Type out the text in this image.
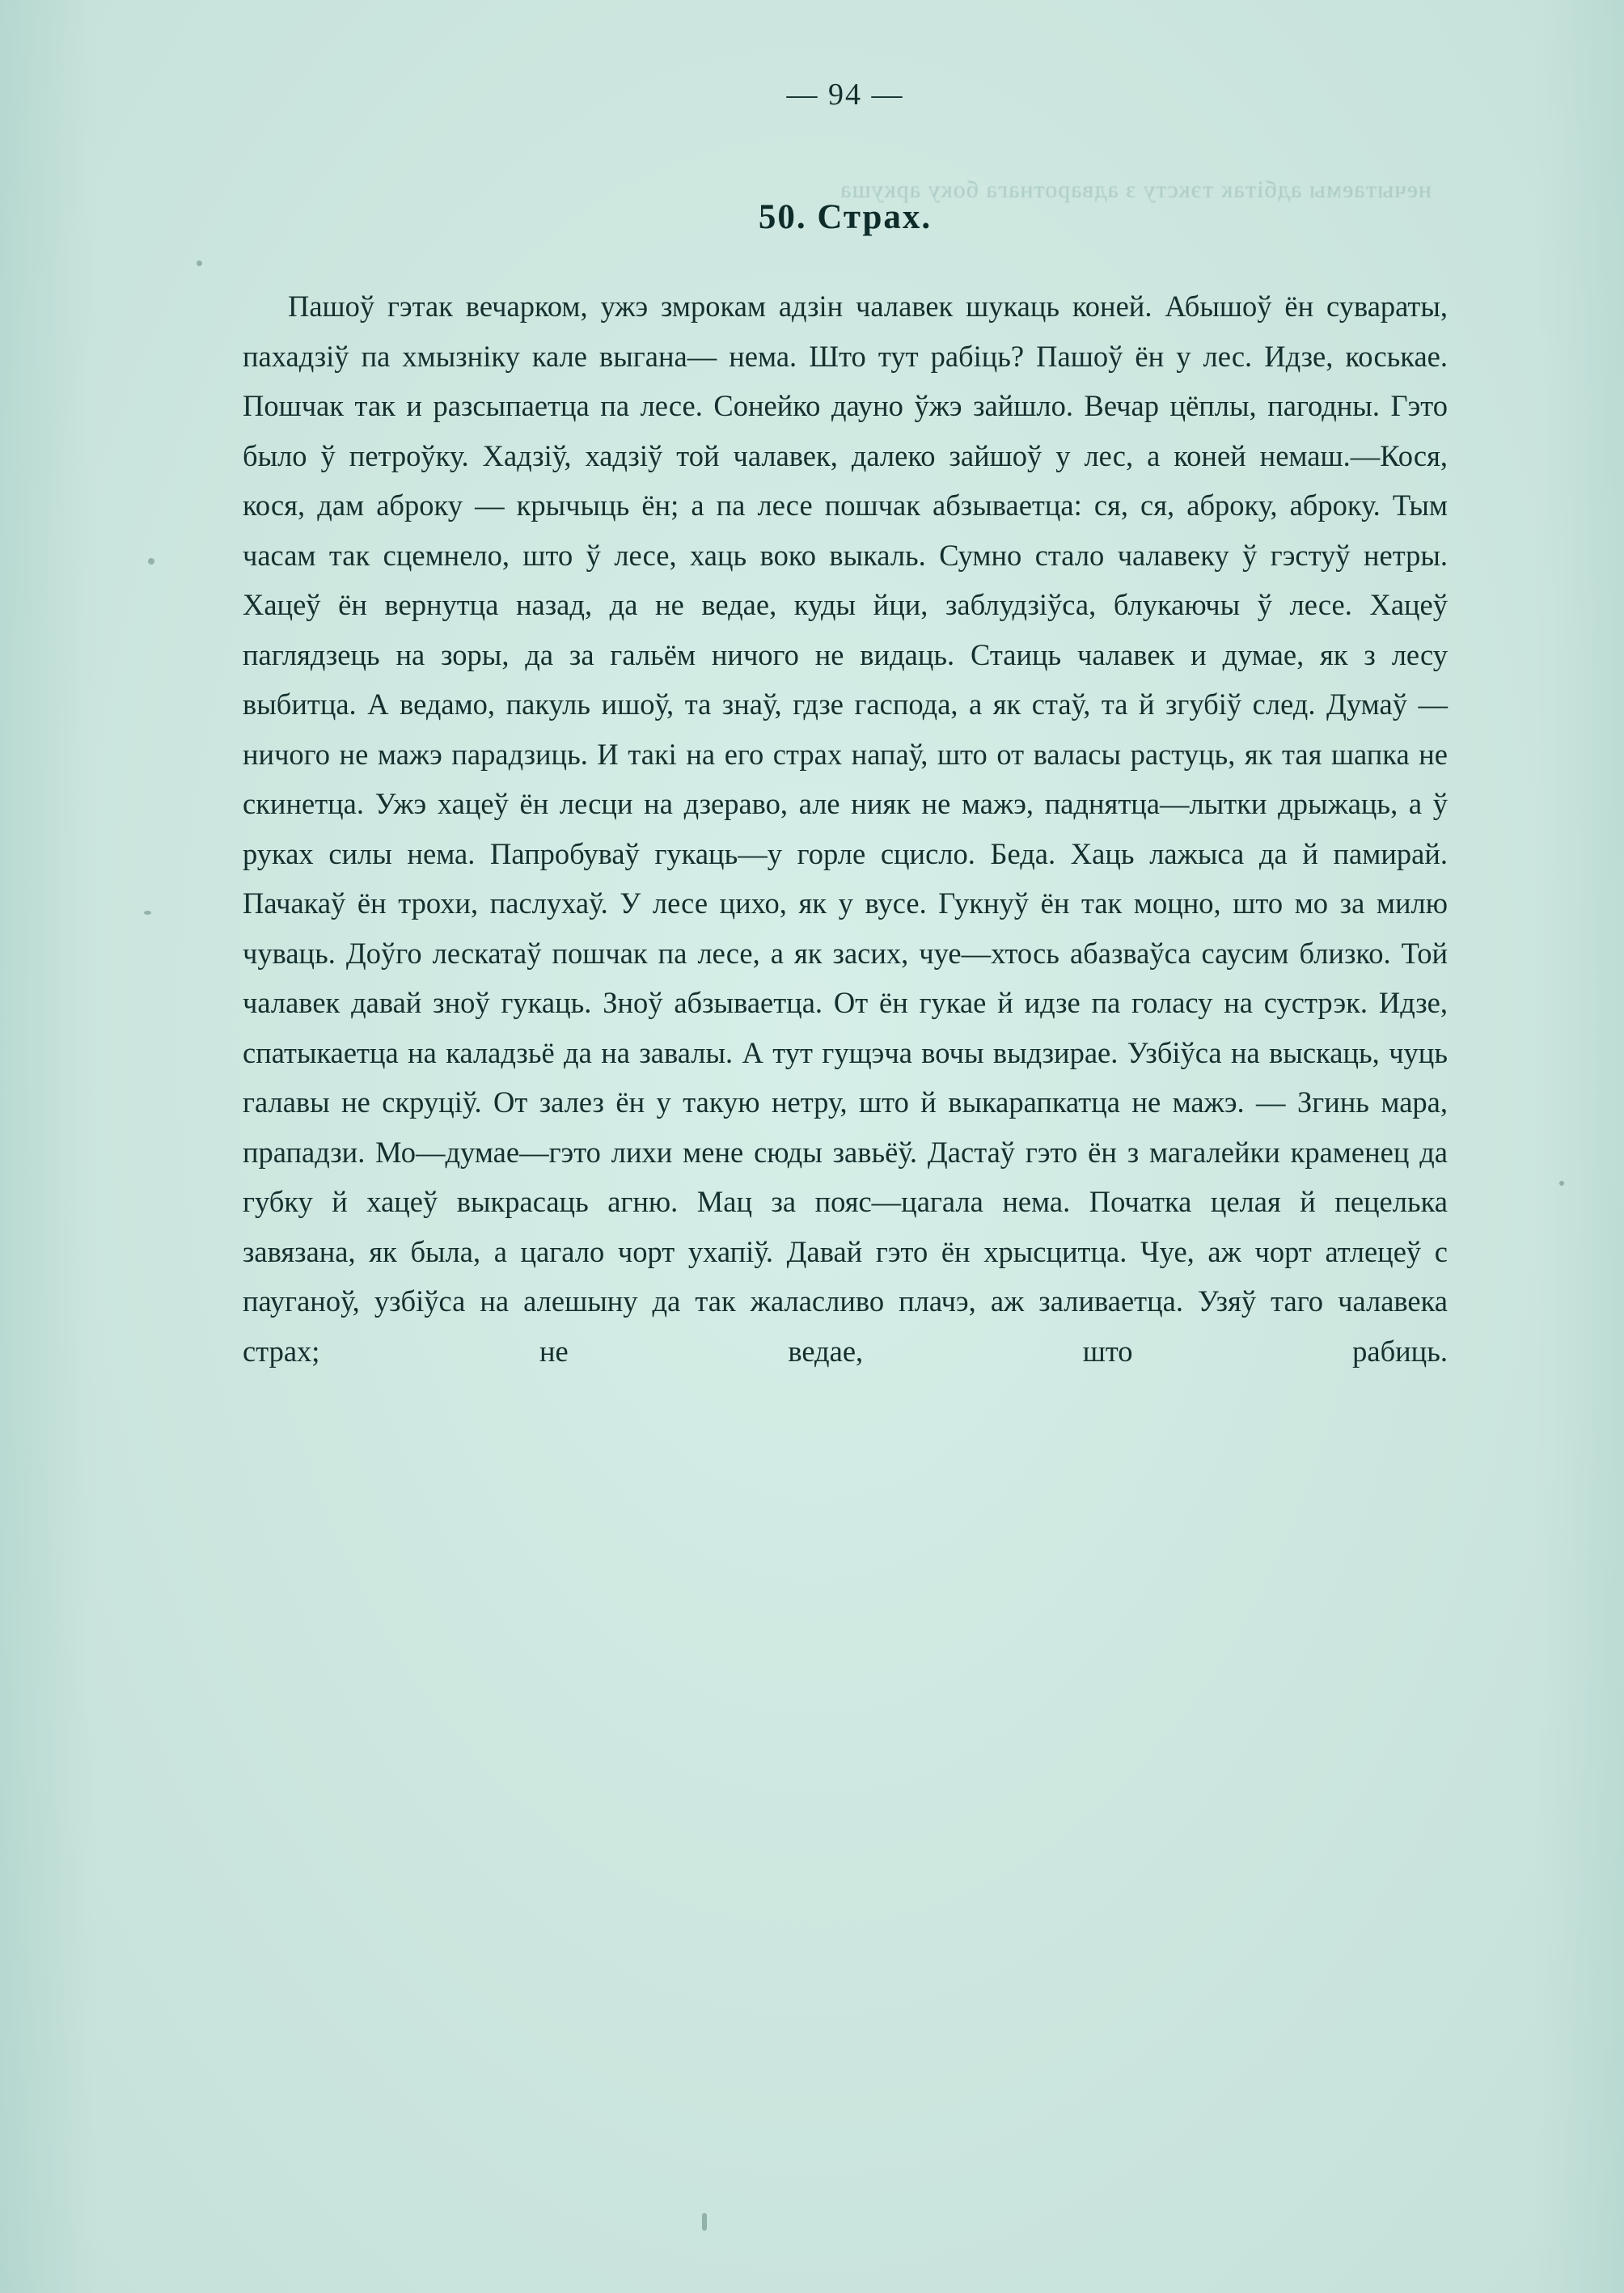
нечытаемы адбітак тэксту з адваротнага боку аркуша
— 94 —
50. Страх.

Пашоў гэтак вечарком, ужэ змрокам адзін чалавек шукаць коней. Абышоў ён суваpаты, пахадзіў па хмызніку кале выгана— нема. Што тут рабіць? Пашоў ён у лес. Идзе, коськае. Пошчак так и разсыпаетца па лесе. Сонейко дауно ўжэ зайшло. Вечар цёплы, пагодны. Гэто было ў петроўку. Хадзіў, хадзіў той чалавек, далеко зайшоў у лес, а коней немаш.—Кося, кося, дам аброку — крычыць ён; а па лесе пошчак абзываетца: ся, ся, аброку, аброку. Тым часам так сцемнело, што ў лесе, хаць воко выкаль. Сумно стало чалавеку ў гэстуў нетры. Хацеў ён вернутца назад, да не ведае, куды йци, заблудзіўса, блукаючы ў лесе. Хацеў паглядзець на зоры, да за гальём ничого не видаць. Стаиць чалавек и думае, як з лесу выбитца. А ведамо, пакуль ишоў, та знаў, гдзе гаспода, а як стаў, та й згубіў след. Думаў — ничого не мажэ парадзиць. И такі на его страх напаў, што от валасы растуць, як тая шапка не скинетца. Ужэ хацеў ён лесци на дзераво, але нияк не мажэ, паднятца—лытки дрыжаць, а ў руках силы нема. Папробуваў гукаць—у горле сцисло. Беда. Хаць лажыса да й памирай. Пачакаў ён трохи, паслухаў. У лесе цихо, як у вусе. Гукнуў ён так моцно, што мо за милю чуваць. Доўго лескатаў пошчак па лесе, а як заcих, чуе—хтось абазваўса саусим близко. Той чалавек давай зноў гукаць. Зноў абзываетца. От ён гукае й идзе па голасу на сустрэк. Идзе, спатыкаетца на каладзьё да на завалы. А тут гущэча вочы выдзирае. Узбіўса на выскаць, чуць галавы не скруціў. От залез ён у такую нетру, што й выкарапкатца не мажэ. — Згинь мара, прападзи. Мо—думае—гэто лихи мене сюды завьёў. Дастаў гэто ён з магалейки краменец да губку й хацеў выкрасаць агню. Мац за пояс—цагала нема. Початка целая й пецелька завязана, як была, а цагало чорт ухапіў. Давай гэто ён хрысцитца. Чуе, аж чорт атлецеў с пауганоў, узбіўса на алешыну да так жаласливо плачэ, аж заливаетца. Узяў таго чалавека страх; не ведае, што рабиць.
